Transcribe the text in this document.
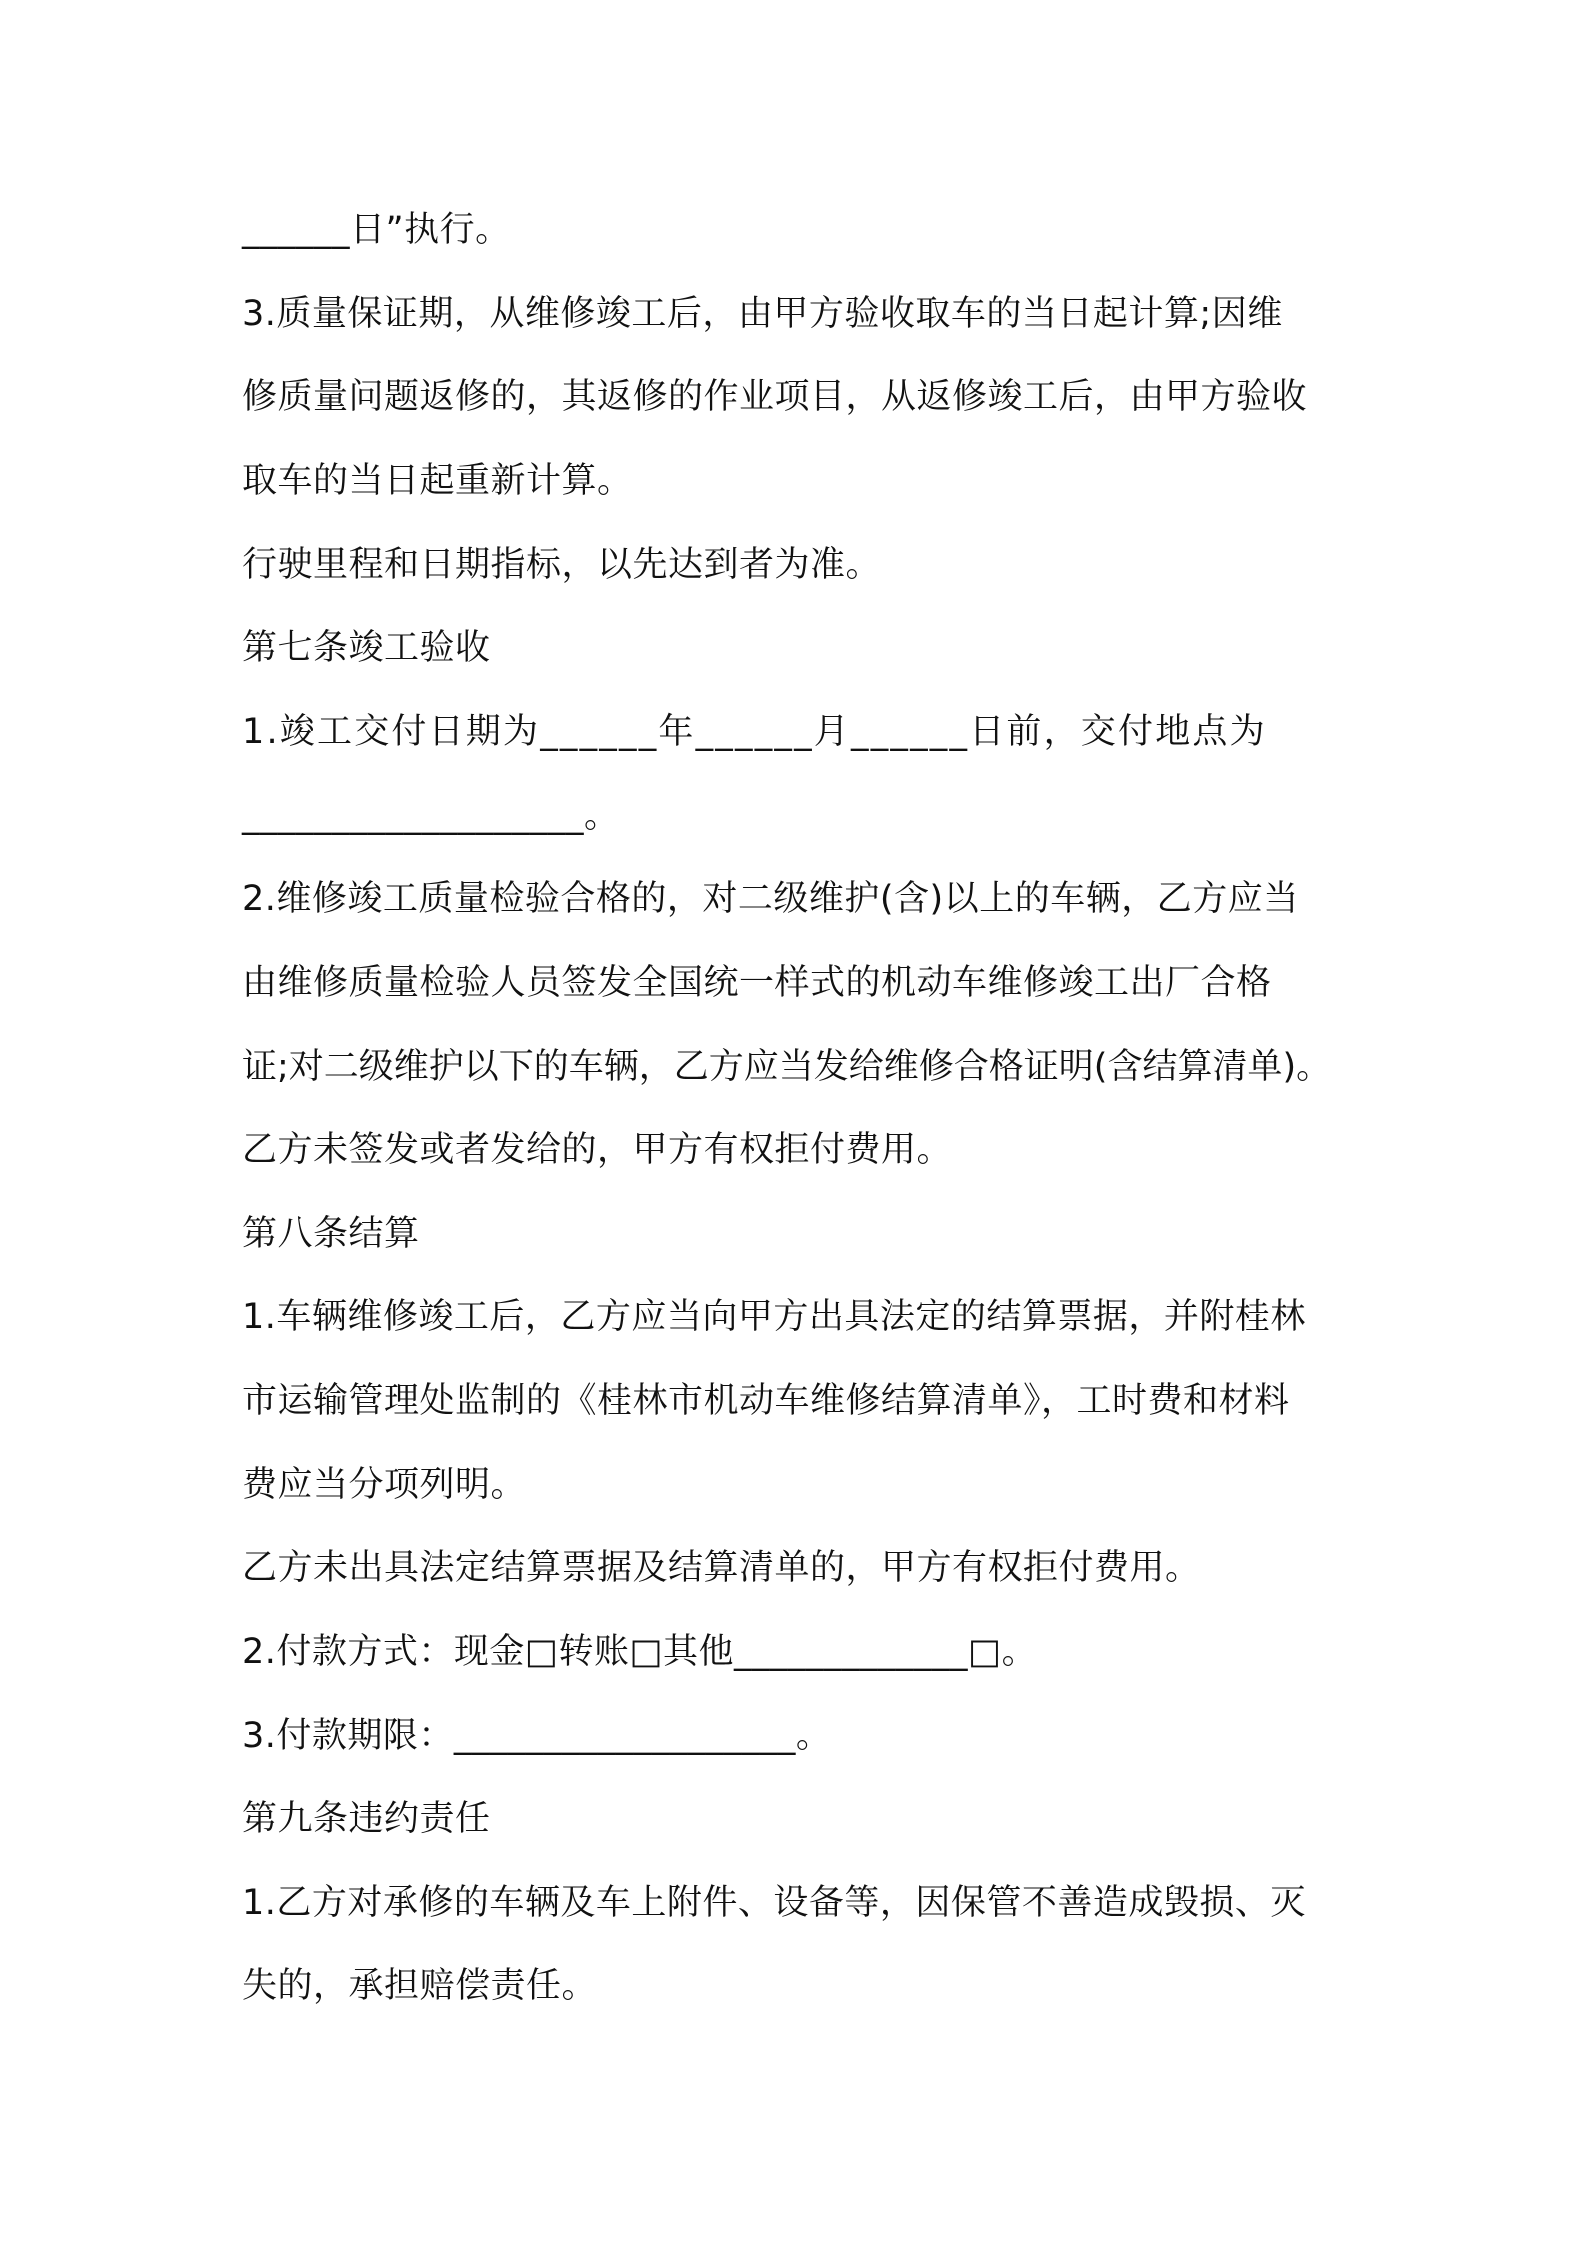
______日”执行。
3.质量保证期，从维修竣工后，由甲方验收取车的当日起计算;因维
修质量问题返修的，其返修的作业项目，从返修竣工后，由甲方验收
取车的当日起重新计算。
行驶里程和日期指标，以先达到者为准。
第七条竣工验收
1.竣工交付日期为______年______月______日前，交付地点为
___________________。
2.维修竣工质量检验合格的，对二级维护(含)以上的车辆，乙方应当
由维修质量检验人员签发全国统一样式的机动车维修竣工出厂合格
证;对二级维护以下的车辆，乙方应当发给维修合格证明(含结算清单)。
乙方未签发或者发给的，甲方有权拒付费用。
第八条结算
1.车辆维修竣工后，乙方应当向甲方出具法定的结算票据，并附桂林
市运输管理处监制的《桂林市机动车维修结算清单》，工时费和材料
费应当分项列明。
乙方未出具法定结算票据及结算清单的，甲方有权拒付费用。
2.付款方式：现金□转账□其他_____________□。
3.付款期限：___________________。
第九条违约责任
1.乙方对承修的车辆及车上附件、设备等，因保管不善造成毁损、灭
失的，承担赔偿责任。
